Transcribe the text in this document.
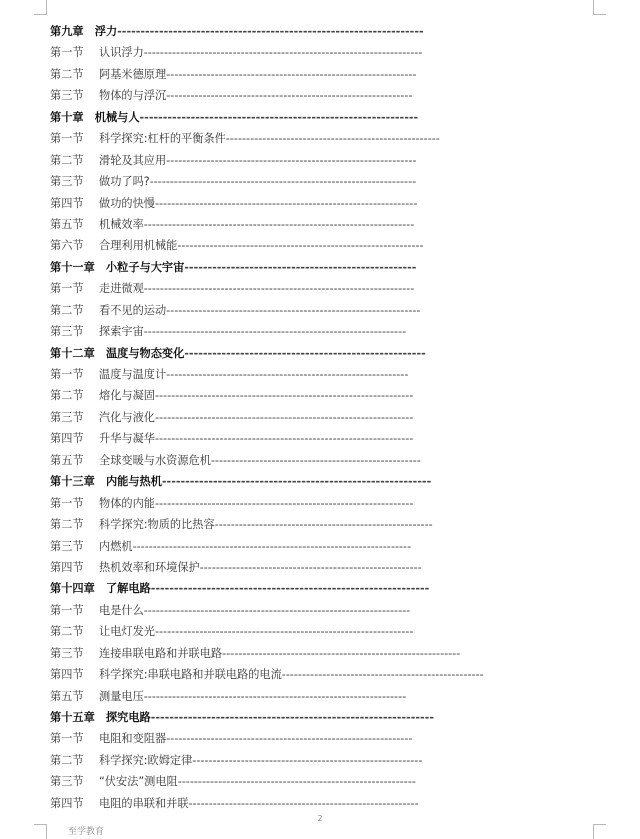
第九章 浮力------------------------------------------------------------------
第一节 认识浮力---------------------------------------------------------------------
第二节 阿基米德原理--------------------------------------------------------------
第三节 物体的与浮沉-------------------------------------------------------------
第十章 机械与人------------------------------------------------------------
第一节 科学探究:杠杆的平衡条件-----------------------------------------------------
第二节 滑轮及其应用--------------------------------------------------------------
第三节 做功了吗?------------------------------------------------------------------
第四节 做功的快慢-----------------------------------------------------------------
第五节 机械效率-------------------------------------------------------------------
第六节 合理利用机械能-------------------------------------------------------------
第十一章 小粒子与大宇宙--------------------------------------------------
第一节 走进微观-------------------------------------------------------------------
第二节 看不见的运动---------------------------------------------------------------
第三节 探索宇宙-----------------------------------------------------------------
第十二章 温度与物态变化----------------------------------------------------
第一节 温度与温度计------------------------------------------------------------
第二节 熔化与凝固----------------------------------------------------------------
第三节 汽化与液化----------------------------------------------------------------
第四节 升华与凝华----------------------------------------------------------------
第五节 全球变暖与水资源危机----------------------------------------------------
第十三章 内能与热机----------------------------------------------------------
第一节 物体的内能----------------------------------------------------------------
第二节 科学探究:物质的比热容------------------------------------------------------
第三节 内燃机---------------------------------------------------------------------
第四节 热机效率和环境保护-------------------------------------------------------
第十四章 了解电路------------------------------------------------------------
第一节 电是什么------------------------------------------------------------------
第二节 让电灯发光----------------------------------------------------------------
第三节 连接串联电路和并联电路-----------------------------------------------------------
第四节 科学探究:串联电路和并联电路的电流--------------------------------------------------
第五节 测量电压-----------------------------------------------------------------
第十五章 探究电路-------------------------------------------------------------
第一节 电阻和变阻器-------------------------------------------------------------
第二节 科学探究:欧姆定律---------------------------------------------------------
第三节 “伏安法”测电阻-----------------------------------------------------------
第四节 电阻的串联和并联---------------------------------------------------------
2
至学教育
